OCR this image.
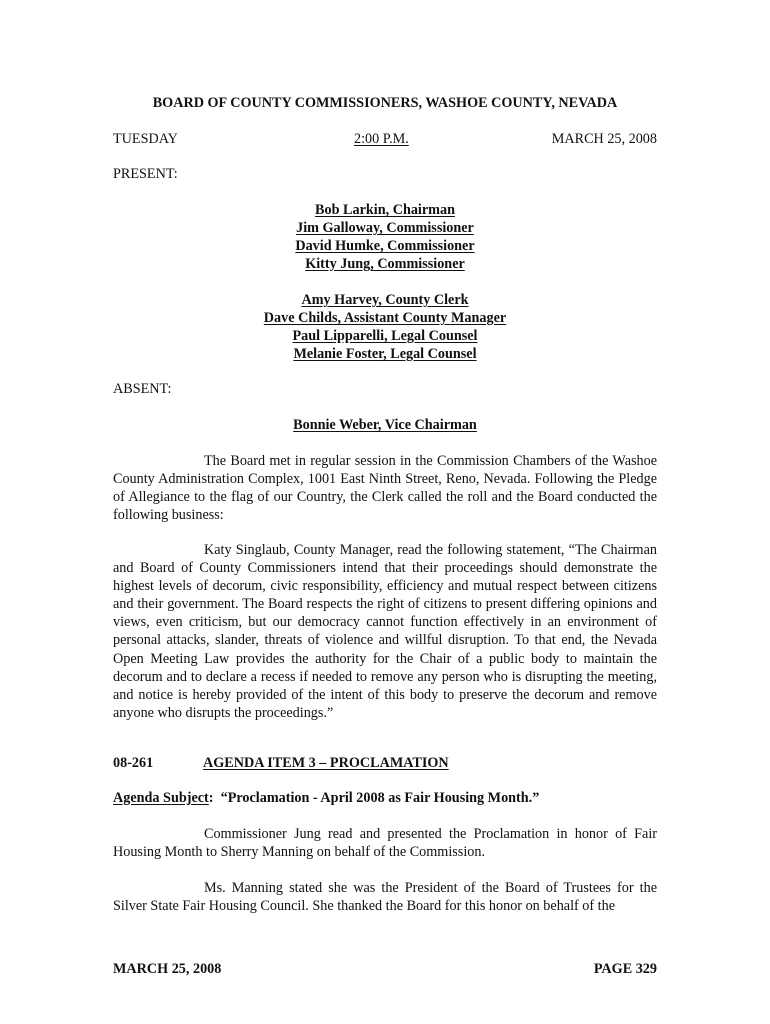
BOARD OF COUNTY COMMISSIONERS, WASHOE COUNTY, NEVADA
TUESDAY	2:00 P.M.	MARCH 25, 2008
PRESENT:
Bob Larkin, Chairman
Jim Galloway, Commissioner
David Humke, Commissioner
Kitty Jung, Commissioner
Amy Harvey, County Clerk
Dave Childs, Assistant County Manager
Paul Lipparelli, Legal Counsel
Melanie Foster, Legal Counsel
ABSENT:
Bonnie Weber, Vice Chairman
The Board met in regular session in the Commission Chambers of the Washoe County Administration Complex, 1001 East Ninth Street, Reno, Nevada. Following the Pledge of Allegiance to the flag of our Country, the Clerk called the roll and the Board conducted the following business:
Katy Singlaub, County Manager, read the following statement, “The Chairman and Board of County Commissioners intend that their proceedings should demonstrate the highest levels of decorum, civic responsibility, efficiency and mutual respect between citizens and their government. The Board respects the right of citizens to present differing opinions and views, even criticism, but our democracy cannot function effectively in an environment of personal attacks, slander, threats of violence and willful disruption. To that end, the Nevada Open Meeting Law provides the authority for the Chair of a public body to maintain the decorum and to declare a recess if needed to remove any person who is disrupting the meeting, and notice is hereby provided of the intent of this body to preserve the decorum and remove anyone who disrupts the proceedings.”
08-261	AGENDA ITEM 3 – PROCLAMATION
Agenda Subject: “Proclamation - April 2008 as Fair Housing Month.”
Commissioner Jung read and presented the Proclamation in honor of Fair Housing Month to Sherry Manning on behalf of the Commission.
Ms. Manning stated she was the President of the Board of Trustees for the Silver State Fair Housing Council. She thanked the Board for this honor on behalf of the
MARCH 25, 2008	PAGE 329
